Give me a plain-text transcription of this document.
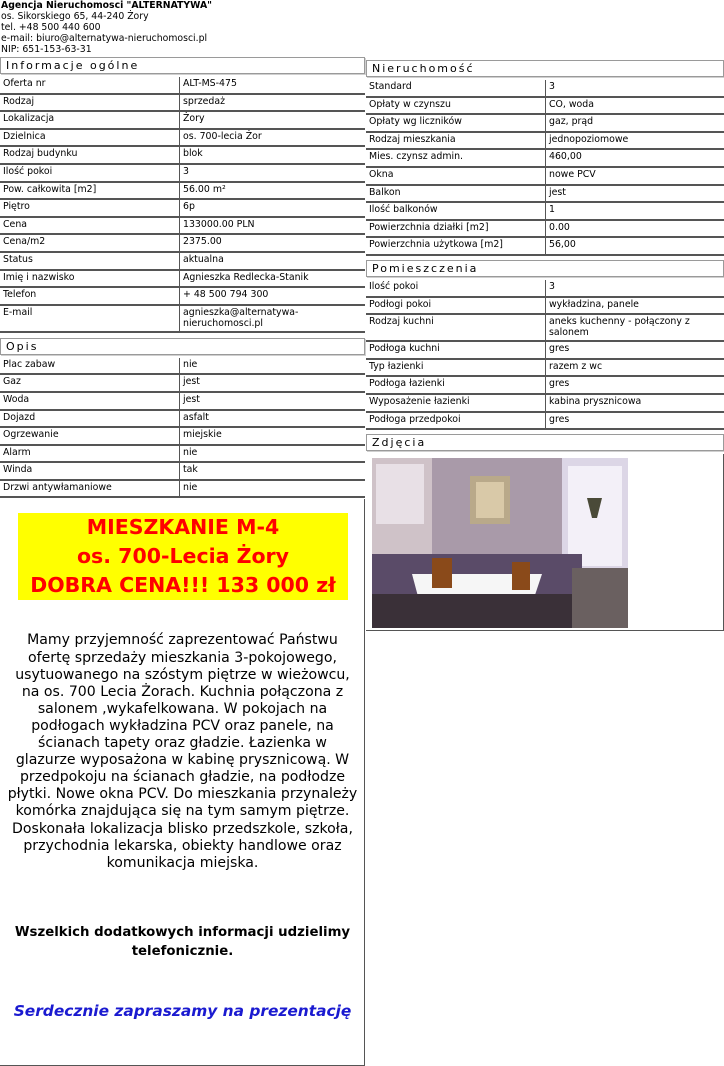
Agencja Nieruchomosci "ALTERNATYWA"
os. Sikorskiego 65, 44-240 Żory
tel. +48 500 440 600
e-mail: biuro@alternatywa-nieruchomosci.pl
NIP: 651-153-63-31
Informacje ogólne
Oferta nr	ALT-MS-475
Rodzaj	sprzedaż
Lokalizacja	Żory
Dzielnica	os. 700-lecia Żor
Rodzaj budynku	blok
Ilość pokoi	3
Pow. całkowita [m2]	56.00 m²
Piętro	6p
Cena	133000.00 PLN
Cena/m2	2375.00
Status	aktualna
Imię i nazwisko	Agnieszka Redlecka-Stanik
Telefon	+ 48 500 794 300
E-mail	agnieszka@alternatywa-
nieruchomosci.pl
Opis
Plac zabaw	nie
Gaz	jest
Woda	jest
Dojazd	asfalt
Ogrzewanie	miejskie
Alarm	nie
Winda	tak
Drzwi antywłamaniowe	nie
MIESZKANIE M-4
os. 700-Lecia Żory
DOBRA CENA!!! 133 000 zł
Mamy przyjemność zaprezentować Państwu ofertę sprzedaży mieszkania 3-pokojowego, usytuowanego na szóstym piętrze w wieżowcu, na os. 700 Lecia Żorach. Kuchnia połączona z salonem ,wykafelkowana. W pokojach na podłogach wykładzina PCV oraz panele, na ścianach tapety oraz gładzie. Łazienka w glazurze wyposażona w kabinę prysznicową. W przedpokoju na ścianach gładzie, na podłodze płytki. Nowe okna PCV. Do mieszkania przynależy komórka znajdująca się na tym samym piętrze. Doskonała lokalizacja blisko przedszkole, szkoła, przychodnia lekarska, obiekty handlowe oraz komunikacja miejska.
Wszelkich dodatkowych informacji udzielimy telefonicznie.
Serdecznie zapraszamy na prezentację
Nieruchomość
Standard	3
Opłaty w czynszu	CO, woda
Opłaty wg liczników	gaz, prąd
Rodzaj mieszkania	jednopoziomowe
Mies. czynsz admin.	460,00
Okna	nowe PCV
Balkon	jest
Ilość balkonów	1
Powierzchnia działki [m2]	0.00
Powierzchnia użytkowa [m2]	56,00
Pomieszczenia
Ilość pokoi	3
Podłogi pokoi	wykładzina, panele
Rodzaj kuchni	aneks kuchenny - połączony z salonem
Podłoga kuchni	gres
Typ łazienki	razem z wc
Podłoga łazienki	gres
Wyposażenie łazienki	kabina prysznicowa
Podłoga przedpokoi	gres
Zdjęcia
